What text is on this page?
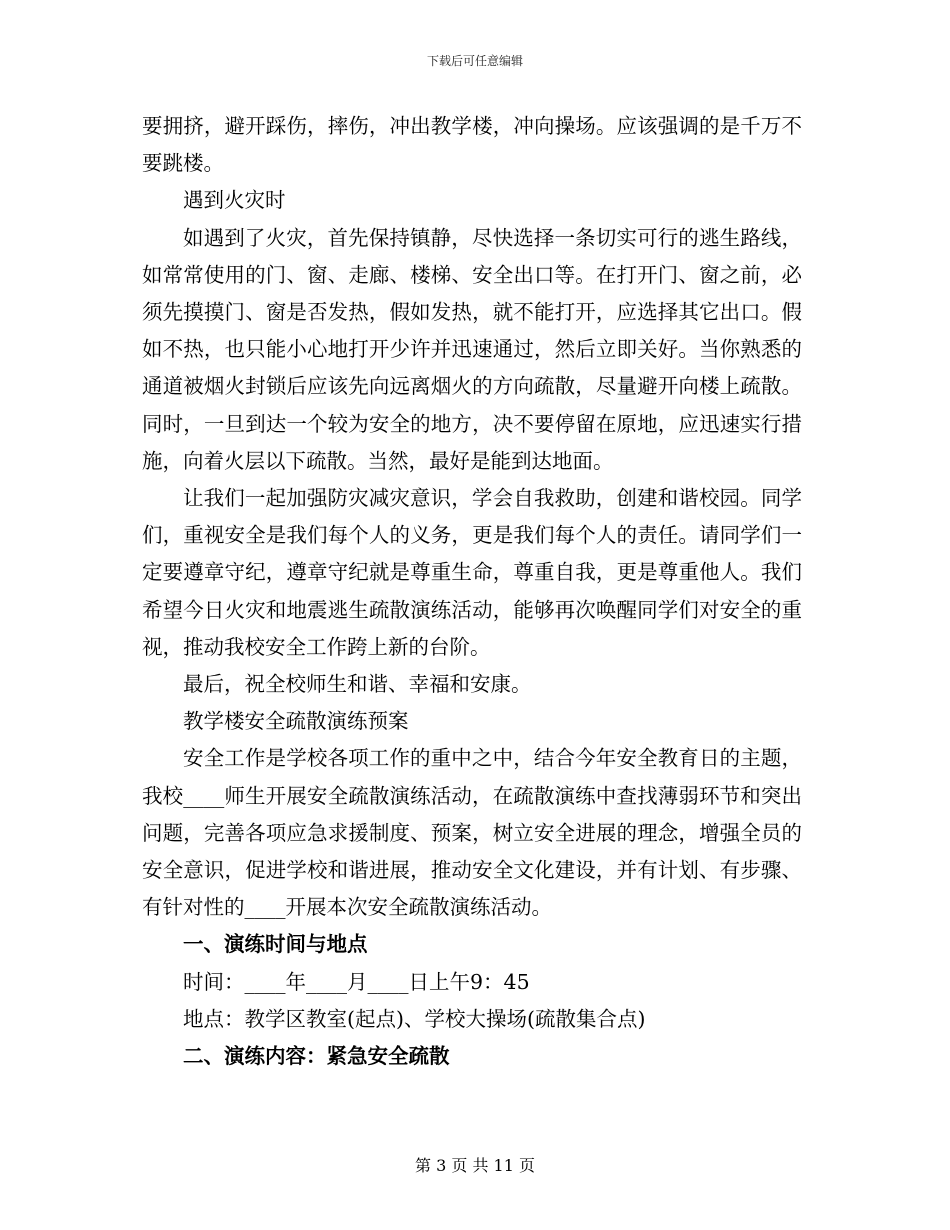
下载后可任意编辑

要拥挤，避开踩伤，摔伤，冲出教学楼，冲向操场。应该强调的是千万不要跳楼。

遇到火灾时

如遇到了火灾，首先保持镇静，尽快选择一条切实可行的逃生路线，如常常使用的门、窗、走廊、楼梯、安全出口等。在打开门、窗之前，必须先摸摸门、窗是否发热，假如发热，就不能打开，应选择其它出口。假如不热，也只能小心地打开少许并迅速通过，然后立即关好。当你熟悉的通道被烟火封锁后应该先向远离烟火的方向疏散，尽量避开向楼上疏散。同时，一旦到达一个较为安全的地方，决不要停留在原地，应迅速实行措施，向着火层以下疏散。当然，最好是能到达地面。

让我们一起加强防灾减灾意识，学会自我救助，创建和谐校园。同学们，重视安全是我们每个人的义务，更是我们每个人的责任。请同学们一定要遵章守纪，遵章守纪就是尊重生命，尊重自我，更是尊重他人。我们希望今日火灾和地震逃生疏散演练活动，能够再次唤醒同学们对安全的重视，推动我校安全工作跨上新的台阶。

最后，祝全校师生和谐、幸福和安康。

教学楼安全疏散演练预案

安全工作是学校各项工作的重中之中，结合今年安全教育日的主题，我校____师生开展安全疏散演练活动，在疏散演练中查找薄弱环节和突出问题，完善各项应急求援制度、预案，树立安全进展的理念，增强全员的安全意识，促进学校和谐进展，推动安全文化建设，并有计划、有步骤、有针对性的____开展本次安全疏散演练活动。

一、演练时间与地点

时间：____年____月____日上午9：45

地点：教学区教室(起点)、学校大操场(疏散集合点)

二、演练内容：紧急安全疏散

第 3 页 共 11 页
